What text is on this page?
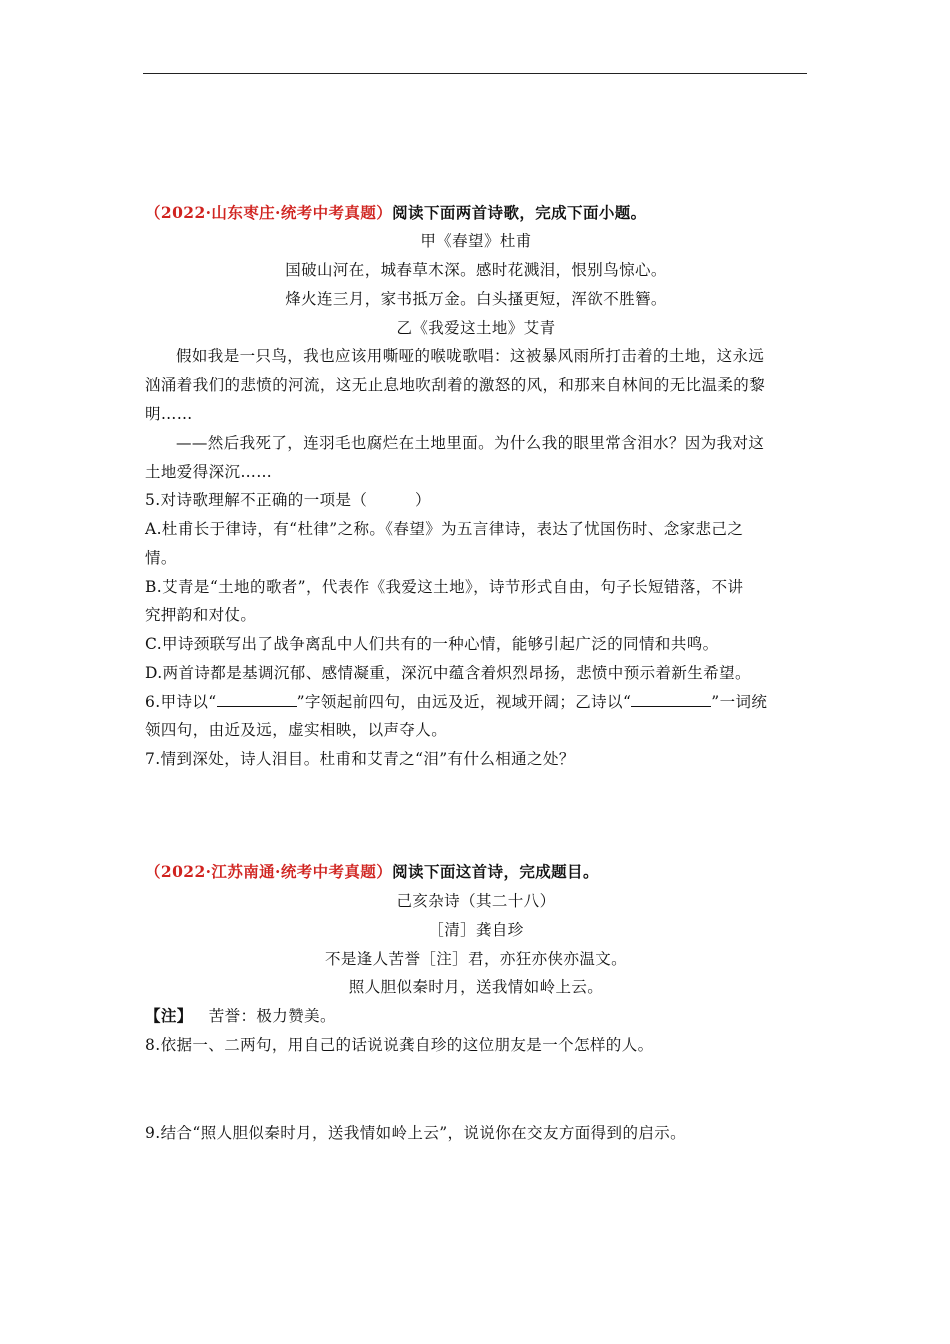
（2022·山东枣庄·统考中考真题）阅读下面两首诗歌，完成下面小题。
甲《春望》杜甫
国破山河在，城春草木深。感时花溅泪，恨别鸟惊心。
烽火连三月，家书抵万金。白头搔更短，浑欲不胜簪。
乙《我爱这土地》艾青
假如我是一只鸟，我也应该用嘶哑的喉咙歌唱：这被暴风雨所打击着的土地，这永远
汹涌着我们的悲愤的河流，这无止息地吹刮着的激怒的风，和那来自林间的无比温柔的黎
明……
——然后我死了，连羽毛也腐烂在土地里面。为什么我的眼里常含泪水？因为我对这
土地爱得深沉……
5.对诗歌理解不正确的一项是（　　　）
A.杜甫长于律诗，有“杜律”之称。《春望》为五言律诗，表达了忧国伤时、念家悲己之
情。
B.艾青是“土地的歌者”，代表作《我爱这土地》，诗节形式自由，句子长短错落，不讲
究押韵和对仗。
C.甲诗颈联写出了战争离乱中人们共有的一种心情，能够引起广泛的同情和共鸣。
D.两首诗都是基调沉郁、感情凝重，深沉中蕴含着炽烈昂扬，悲愤中预示着新生希望。
6.甲诗以“	”字领起前四句，由远及近，视域开阔；乙诗以“	”一词统
领四句，由近及远，虚实相映，以声夺人。
7.情到深处，诗人泪目。杜甫和艾青之“泪”有什么相通之处？
（2022·江苏南通·统考中考真题）阅读下面这首诗，完成题目。
己亥杂诗（其二十八）
［清］龚自珍
不是逢人苦誉［注］君，亦狂亦侠亦温文。
照人胆似秦时月，送我情如岭上云。
【注】 苦誉：极力赞美。
8.依据一、二两句，用自己的话说说龚自珍的这位朋友是一个怎样的人。
9.结合“照人胆似秦时月，送我情如岭上云”，说说你在交友方面得到的启示。
